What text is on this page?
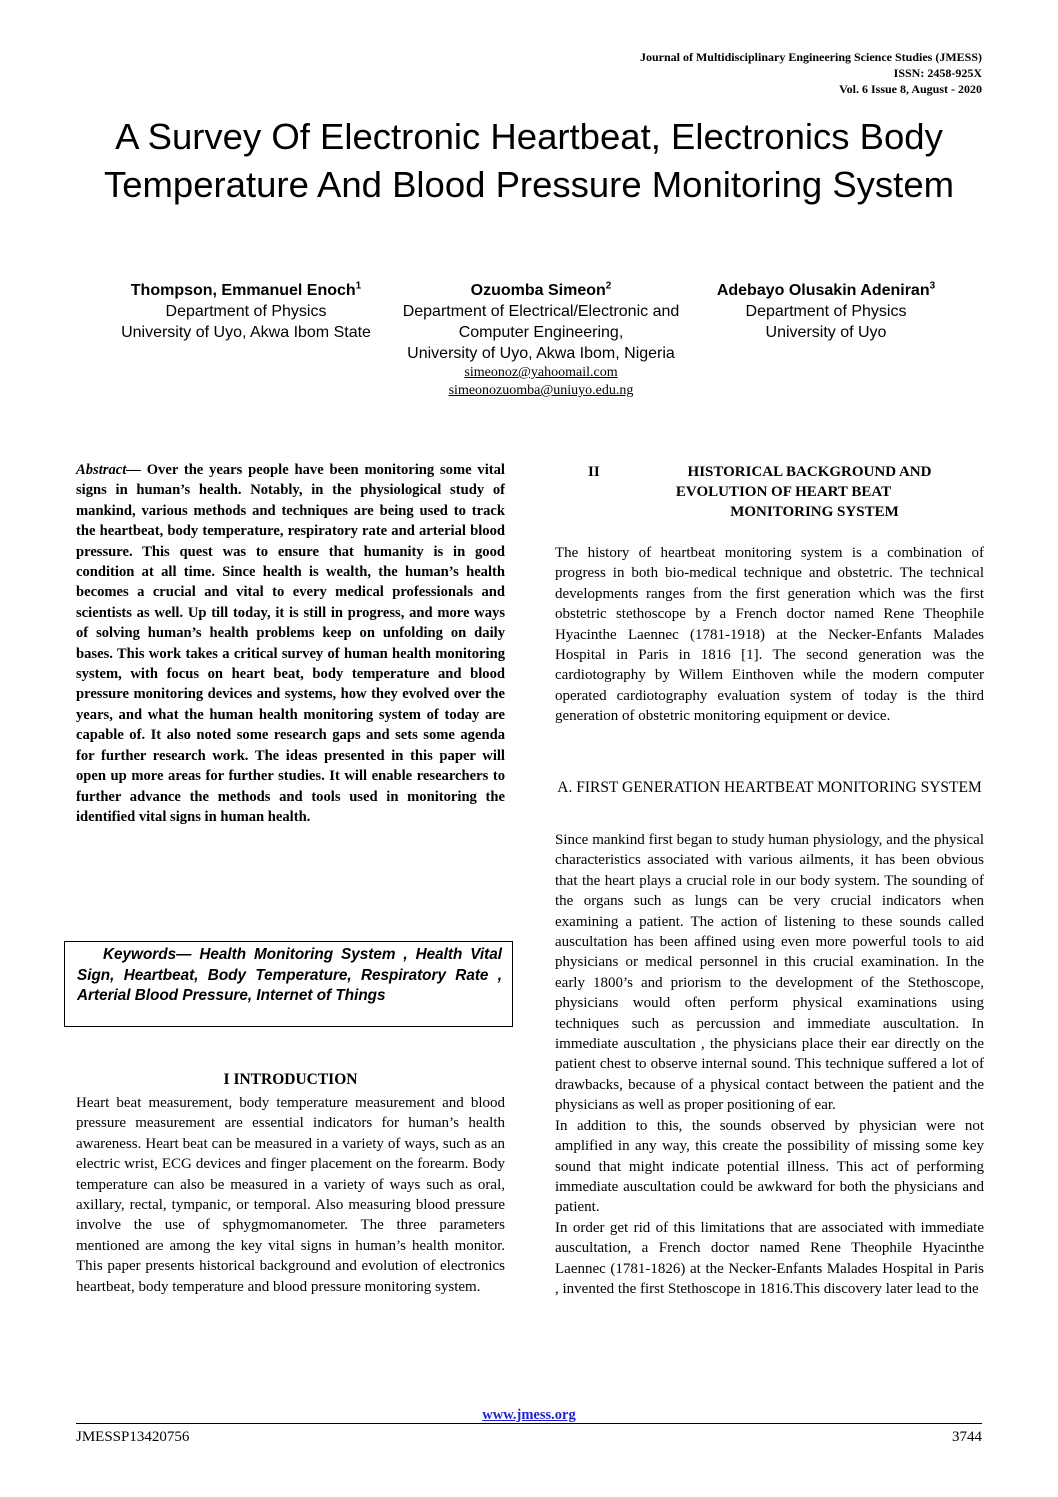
Journal of Multidisciplinary Engineering Science Studies (JMESS)
ISSN: 2458-925X
Vol. 6 Issue 8, August - 2020
A Survey Of Electronic Heartbeat, Electronics Body Temperature And Blood Pressure Monitoring System
Thompson, Emmanuel Enoch$^1$
Department of Physics
University of Uyo, Akwa Ibom State
Ozuomba Simeon$^2$
Department of Electrical/Electronic and Computer Engineering,
University of Uyo, Akwa Ibom, Nigeria
simeonoz@yahoomail.com
simeonozuomba@uniuyo.edu.ng
Adebayo Olusakin Adeniran$^3$
Department of Physics
University of Uyo
Abstract— Over the years people have been monitoring some vital signs in human’s health. Notably, in the physiological study of mankind, various methods and techniques are being used to track the heartbeat, body temperature, respiratory rate and arterial blood pressure. This quest was to ensure that humanity is in good condition at all time. Since health is wealth, the human’s health becomes a crucial and vital to every medical professionals and scientists as well. Up till today, it is still in progress, and more ways of solving human’s health problems keep on unfolding on daily bases. This work takes a critical survey of human health monitoring system, with focus on heart beat, body temperature and blood pressure monitoring devices and systems, how they evolved over the years, and what the human health monitoring system of today are capable of. It also noted some research gaps and sets some agenda for further research work. The ideas presented in this paper will open up more areas for further studies. It will enable researchers to further advance the methods and tools used in monitoring the identified vital signs in human health.
Keywords— Health Monitoring System , Health Vital Sign, Heartbeat, Body Temperature, Respiratory Rate , Arterial Blood Pressure, Internet of Things
I INTRODUCTION

Heart beat measurement, body temperature measurement and blood pressure measurement are essential indicators for human’s health awareness. Heart beat can be measured in a variety of ways, such as an electric wrist, ECG devices and finger placement on the forearm. Body temperature can also be measured in a variety of ways such as oral, axillary, rectal, tympanic, or temporal. Also measuring blood pressure involve the use of sphygmomanometer. The three parameters mentioned are among the key vital signs in human’s health monitor. This paper presents historical background and evolution of electronics heartbeat, body temperature and blood pressure monitoring system.

II	HISTORICAL BACKGROUND AND
EVOLUTION OF HEART BEAT
MONITORING SYSTEM

The history of heartbeat monitoring system is a combination of progress in both bio-medical technique and obstetric. The technical developments ranges from the first generation which was the first obstetric stethoscope by a French doctor named Rene Theophile Hyacinthe Laennec (1781-1918) at the Necker-Enfants Malades Hospital in Paris in 1816 [1]. The second generation was the cardiotography by Willem Einthoven while the modern computer operated cardiotography evaluation system of today is the third generation of obstetric monitoring equipment or device.

A. FIRST GENERATION HEARTBEAT MONITORING SYSTEM

Since mankind first began to study human physiology, and the physical characteristics associated with various ailments, it has been obvious that the heart plays a crucial role in our body system. The sounding of the organs such as lungs can be very crucial indicators when examining a patient. The action of listening to these sounds called auscultation has been affined using even more powerful tools to aid physicians or medical personnel in this crucial examination. In the early 1800’s and priorism to the development of the Stethoscope, physicians would often perform physical examinations using techniques such as percussion and immediate auscultation. In immediate auscultation , the physicians place their ear directly on the patient chest to observe internal sound. This technique suffered a lot of drawbacks, because of a physical contact between the patient and the physicians as well as proper positioning of ear.

In addition to this, the sounds observed by physician were not amplified in any way, this create the possibility of missing some key sound that might indicate potential illness. This act of performing immediate auscultation could be awkward for both the physicians and patient.

In order get rid of this limitations that are associated with immediate auscultation, a French doctor named Rene Theophile Hyacinthe Laennec (1781-1826) at the Necker-Enfants Malades Hospital in Paris , invented the first Stethoscope in 1816.This discovery later lead to the

www.jmess.org
JMESSP13420756	3744
